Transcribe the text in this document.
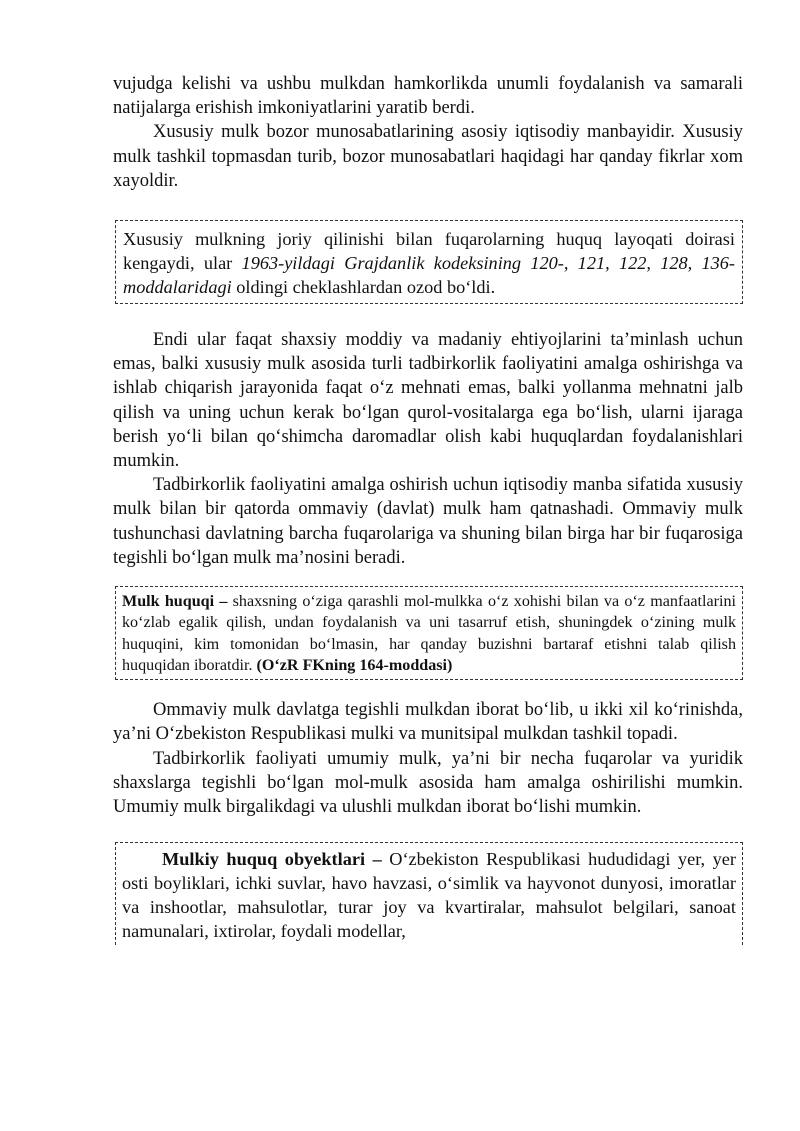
vujudga kelishi va ushbu mulkdan hamkorlikda unumli foydalanish va samarali natijalarga erishish imkoniyatlarini yaratib berdi.

Xususiy mulk bozor munosabatlarining asosiy iqtisodiy manbayidir. Xususiy mulk tashkil topmasdan turib, bozor munosabatlari haqidagi har qanday fikrlar xom xayoldir.

Xususiy mulkning joriy qilinishi bilan fuqarolarning huquq layoqati doirasi kengaydi, ular 1963-yildagi Grajdanlik kodeksining 120-, 121, 122, 128, 136-moddalaridagi oldingi cheklashlardan ozod bo‘ldi.

Endi ular faqat shaxsiy moddiy va madaniy ehtiyojlarini ta’minlash uchun emas, balki xususiy mulk asosida turli tadbirkorlik faoliyatini amalga oshirishga va ishlab chiqarish jarayonida faqat o‘z mehnati emas, balki yollanma mehnatni jalb qilish va uning uchun kerak bo‘lgan qurol-vositalarga ega bo‘lish, ularni ijaraga berish yo‘li bilan qo‘shimcha daromadlar olish kabi huquqlardan foydalanishlari mumkin.

Tadbirkorlik faoliyatini amalga oshirish uchun iqtisodiy manba sifatida xususiy mulk bilan bir qatorda ommaviy (davlat) mulk ham qatnashadi. Ommaviy mulk tushunchasi davlatning barcha fuqarolariga va shuning bilan birga har bir fuqarosiga tegishli bo‘lgan mulk ma’nosini beradi.

Mulk huquqi – shaxsning o‘ziga qarashli mol-mulkka o‘z xohishi bilan va o‘z manfaatlarini ko‘zlab egalik qilish, undan foydalanish va uni tasarruf etish, shuningdek o‘zining mulk huquqini, kim tomonidan bo‘lmasin, har qanday buzishni bartaraf etishni talab qilish huquqidan iboratdir. (O‘zR FKning 164-moddasi)

Ommaviy mulk davlatga tegishli mulkdan iborat bo‘lib, u ikki xil ko‘rinishda, ya’ni O‘zbekiston Respublikasi mulki va munitsipal mulkdan tashkil topadi.

Tadbirkorlik faoliyati umumiy mulk, ya’ni bir necha fuqarolar va yuridik shaxslarga tegishli bo‘lgan mol-mulk asosida ham amalga oshirilishi mumkin. Umumiy mulk birgalikdagi va ulushli mulkdan iborat bo‘lishi mumkin.

Mulkiy huquq obyektlari – O‘zbekiston Respublikasi hududidagi yer, yer osti boyliklari, ichki suvlar, havo havzasi, o‘simlik va hayvonot dunyosi, imoratlar va inshootlar, mahsulotlar, turar joy va kvartiralar, mahsulot belgilari, sanoat namunalari, ixtirolar, foydali modellar,
